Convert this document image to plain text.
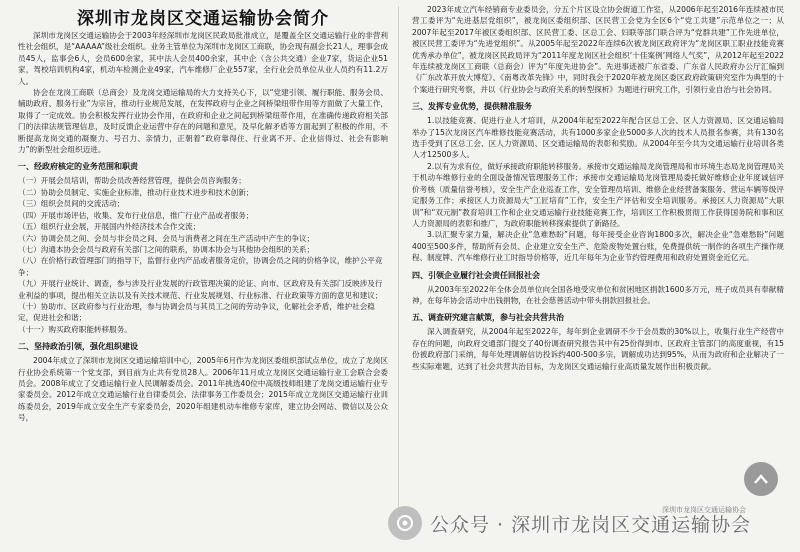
深圳市龙岗区交通运输协会简介

深圳市龙岗区交通运输协会于2003年经深圳市龙岗区民政局批准成立，是覆盖全区交通运输行业的非营利性社会组织，是“AAAAA”级社会组织。业务主管单位为深圳市龙岗区工商联，协会现有副会长21人，理事会成员45人，监事会6人，会员600余家，其中法人会员400余家，其中企（含公共交通）企业7家，货运企业51家，驾校培训机构4家，机动车检测企业49家，汽车维修厂企业557家，全行业会员单位从业人员约有11.2万人。

协会在龙岗工商联（总商会）及龙岗交通运输局的大力支持关心下，以“党建引领、履行职能、服务会员、辅助政府、服务行业”为宗旨，推动行业规范发展，在发挥政府与企业之间桥梁纽带作用等方面做了大量工作，取得了一定成效。协会积极发挥行业协会作用，在政府和企业之间起到桥梁纽带作用，在准确传递政府相关部门的法律法规管理信息，及时反馈企业运营中存在的问题和意见，及早化解矛盾等方面起到了积极的作用，不断提高龙岗交通的凝聚力、号召力、亲情力，正朝着“政府靠得住、行业离不开、企业信得过、社会有影响力”的新型社会组织迈进。

一、经政府核定的业务范围和职责

（一）开展会员培训，帮助会员改善经营管理，提供会员咨询服务；

（二）协助会员制定、实施企业标准，推动行业技术进步和技术创新；

（三）组织会员间的交流活动；

（四）开展市场评估，收集、发布行业信息，推广行业产品或者服务；

（五）组织行业会展，开展国内外经济技术合作交流；

（六）协调会员之间、会员与非会员之间、会员与消费者之间在生产活动中产生的争议；

（七）沟通本协会会员与政府有关部门之间的联系，协调本协会与其他协会组织的关系；

（八）在价格行政管理部门的指导下，监督行业内产品或者服务定价，协调会员之间的价格争议，维护公平竞争；

（九）开展行业统计、调查，参与涉及行业发展的行政管理决策的论证、向市、区政府及有关部门反映涉及行业利益的事项，提出相关立法以及有关技术规范、行业发展规划、行业标准、行业政策等方面的意见和建议；

（十）协助市、区政府参与行业治理，参与协调会员与其员工之间的劳动争议，化解社会矛盾，维护社会稳定，促进社会和谐；

（十一）购买政府职能转移服务。

二、坚持政治引领，强化组织建设

2004年成立了深圳市龙岗区交通运输培训中心，2005年6月作为龙岗区委组织部试点单位，成立了龙岗区行业协会系统第一个党支部，到目前为止共有党员28人。2006年11月成立龙岗区交通运输行业工会联合会委员会。2008年成立了交通运输行业人民调解委员会。2011年挑选40位中高级技师组建了龙岗交通运输行业专家委员会。2012年成立交通运输行业自律委员会、法律事务工作委员会；2015年成立龙岗区交通运输行业训练委员会，2019年成立安全生产专家委员会，2020年组建机动车维修专家库，建立协会网站、微信以及公众号，

2023年成立汽车经销商专业委员会，分五个片区设立协会街道工作室，从2006年起至2016年连续被市民营工委评为“先进基层党组织”，被龙岗区委组织部、区民营工会党为全区6个“党工共建”示范单位之一；从2007年起至2017年被区委组织部、区民营工委、区总工会、妇联等部门联合评为“党群共建”工作先进单位，被区民营工委评为“先进党组织”。从2005年起至2022年连续6次被龙岗区政府评为“龙岗区职工职业技能竞赛优秀承办单位”，被龙岗区民政局评为“2011年度龙岗区社会组织‘十佳案例’网络人气奖”，从2012年起至2022年连续被龙岗区工商联（总商会）评为“年度先进协会”。先进事迹被广东省委、广东省人民政府办公厅汇编到《广东改革开放大博览》、《南粤改革先锋》中，同时我会于2020年被龙岗区委区政府政策研究室作为典型的十个案进行研究考察，并以《行业协会与政府关系的转型探析》为题进行研究工作，引领行业自治与社会协同。

三、发挥专业优势，提供精准服务

1.以技能竞赛、促进行业人才培训，从2004年起至2022年配合区总工会、区人力资源局、区交通运输局举办了15次龙岗区汽车维修技能竞赛活动，共有1000多家企业5000多人次的技术人员报名参赛，共有130名选手受到了区总工会、区人力资源局、区交通运输局的表彰和奖励。从2004年至今共为交通运输行业培训各类人才12500多人。

2.以有为求有位，做好承接政府职能转移服务。承接市交通运输局龙岗管理局和市环境生态局龙岗管理局关于机动车维修行业的全面设备情况管理服务工作；承接市交通运输局龙岗管理局委托做好维修企业年度诚信评价考核（质量信誉考核），安全生产企业巡查工作，安全管理员培训、维修企业经营备案服务、营运车辆等级评定服务工作；承接区人力资源局大“工匠培育”工作，安全生产评估和安全培训服务。承接区人力资源局“大职训”和“双元制”教育培训工作和企业交通运输行业技能竞赛工作，培训区工作积极贯彻工作获得国务院和事和区人力资源局的表彰和推广，为政府职能转移探索提供了新路径。

3.以汇聚专家力量，解决企业“急难愁盼”问题，每年接受企业咨询1800多次，解决企业“急难愁盼”问题400至500多件，帮助所有会员、企业建立安全生产、危险废物处置台账，免费提供统一制作的各项生产操作规程、制度牌、汽车维修行业工时指导价格等，近几年每年为企业节约管理费用和政府处置资金近亿元。

四、引领企业履行社会责任回报社会

从2003年至2022年全体会员单位向全国各地受灾单位和贫困地区捐款1600多万元，班子成员具有奉献精神，在每年协会活动中出钱捐物，在社会慈善活动中带头捐款回报社会。

五、调查研究建言献策，参与社会共营共治

深入调查研究，从2004年起至2022年，每年到企业调研不少于会员数的30%以上，收集行业生产经营中存在的问题，向政府交通部门提交了40份调查研究报告其中有25份得到市、区政府主管部门的高度重视，有15份被政府部门采纳，每年处理调解信访投诉约400-500多宗，调解成功达到95%，从而为政府和企业解决了一些实际难题，达到了社会共营共治目标，为龙岗区交通运输行业高质量发展作出积极贡献。

深圳市龙岗区交通运输协会
公众号 · 深圳市龙岗区交通运输协会
